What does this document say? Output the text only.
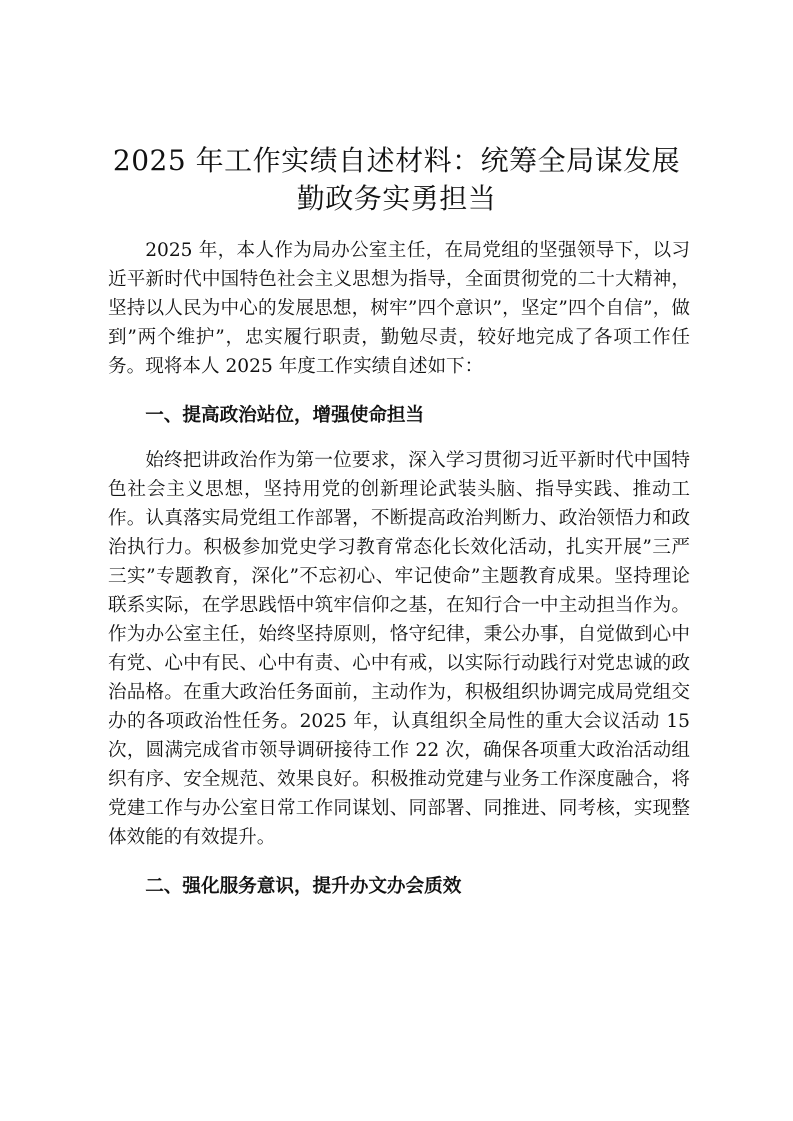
2025 年工作实绩自述材料：统筹全局谋发展
勤政务实勇担当

2025 年，本人作为局办公室主任，在局党组的坚强领导下，以习近平新时代中国特色社会主义思想为指导，全面贯彻党的二十大精神，坚持以人民为中心的发展思想，树牢”四个意识”，坚定”四个自信”，做到”两个维护”，忠实履行职责，勤勉尽责，较好地完成了各项工作任务。现将本人 2025 年度工作实绩自述如下：

一、提高政治站位，增强使命担当

始终把讲政治作为第一位要求，深入学习贯彻习近平新时代中国特色社会主义思想，坚持用党的创新理论武装头脑、指导实践、推动工作。认真落实局党组工作部署，不断提高政治判断力、政治领悟力和政治执行力。积极参加党史学习教育常态化长效化活动，扎实开展”三严三实”专题教育，深化”不忘初心、牢记使命”主题教育成果。坚持理论联系实际，在学思践悟中筑牢信仰之基，在知行合一中主动担当作为。作为办公室主任，始终坚持原则，恪守纪律，秉公办事，自觉做到心中有党、心中有民、心中有责、心中有戒，以实际行动践行对党忠诚的政治品格。在重大政治任务面前，主动作为，积极组织协调完成局党组交办的各项政治性任务。2025 年，认真组织全局性的重大会议活动 15 次，圆满完成省市领导调研接待工作 22 次，确保各项重大政治活动组织有序、安全规范、效果良好。积极推动党建与业务工作深度融合，将党建工作与办公室日常工作同谋划、同部署、同推进、同考核，实现整体效能的有效提升。

二、强化服务意识，提升办文办会质效
